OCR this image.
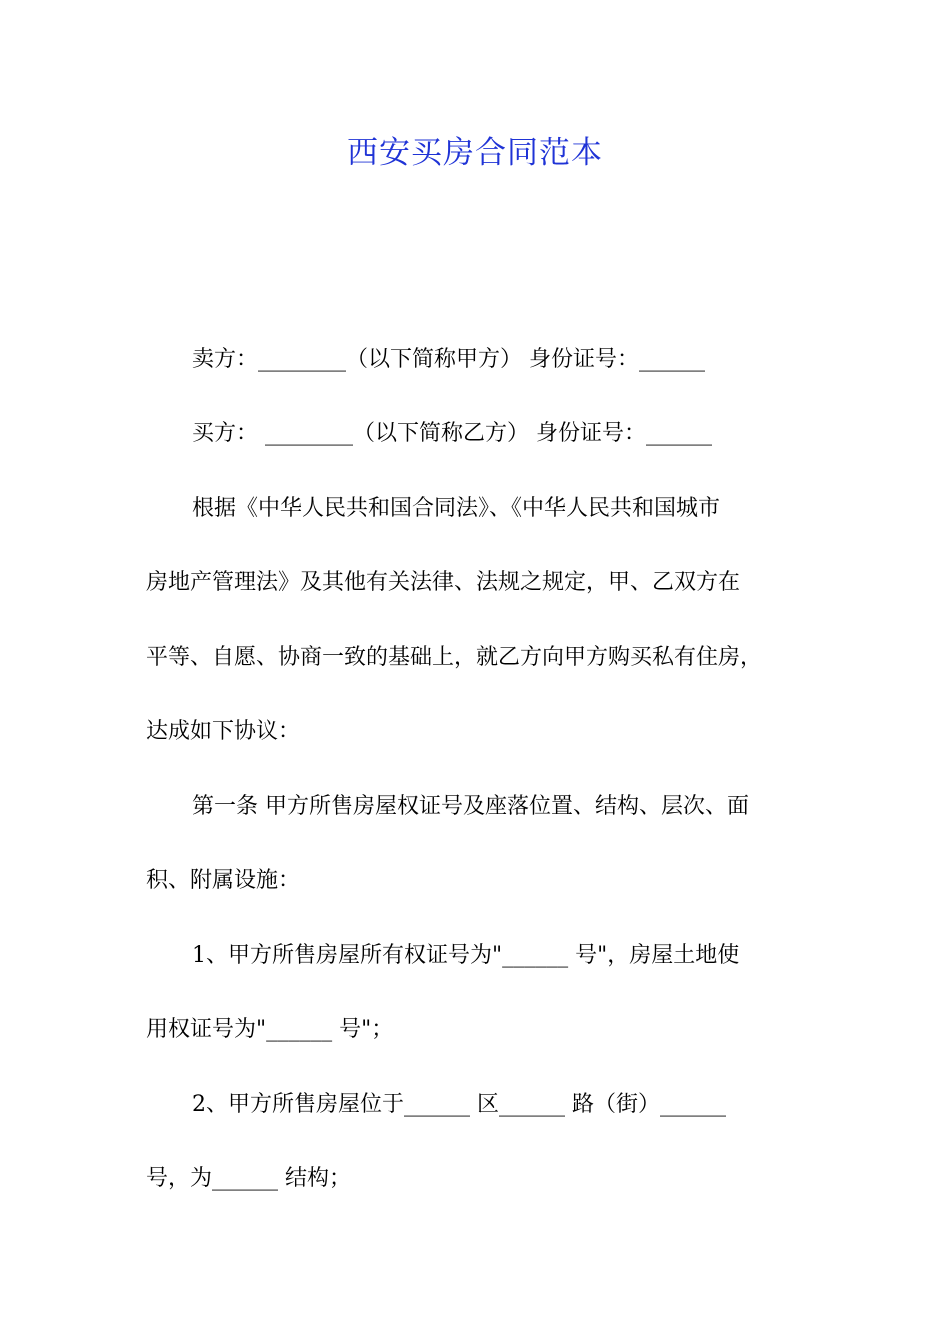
西安买房合同范本
卖方：________（以下简称甲方） 身份证号：______
买方： ________（以下简称乙方） 身份证号：______
根据《中华人民共和国合同法》、《中华人民共和国城市
房地产管理法》及其他有关法律、法规之规定，甲、乙双方在
平等、自愿、协商一致的基础上，就乙方向甲方购买私有住房，
达成如下协议：
第一条 甲方所售房屋权证号及座落位置、结构、层次、面
积、附属设施：
1、甲方所售房屋所有权证号为"______ 号"，房屋土地使
用权证号为"______ 号"；
2、甲方所售房屋位于______ 区______ 路（街）______
号，为______ 结构；
